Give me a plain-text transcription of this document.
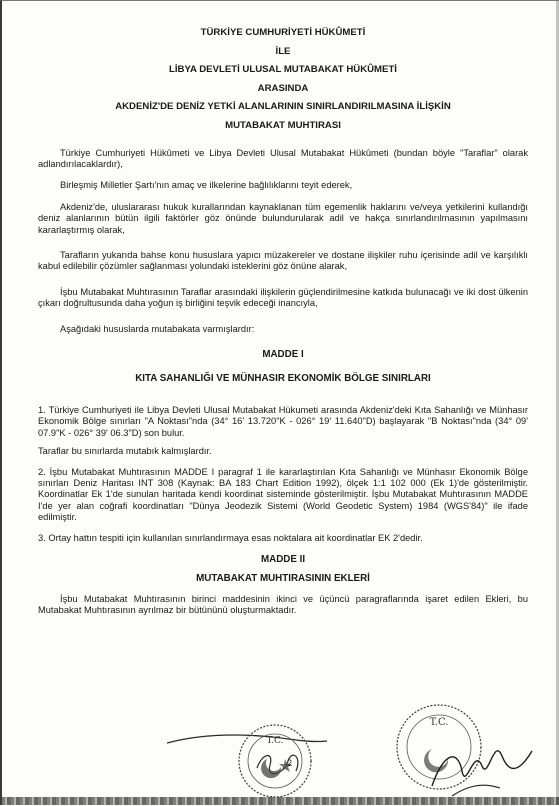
TÜRKİYE CUMHURİYETİ HÜKÛMETİ
İLE
LİBYA DEVLETİ ULUSAL MUTABAKAT HÜKÛMETİ
ARASINDA
AKDENİZ'DE DENİZ YETKİ ALANLARININ SINIRLANDIRILMASINA İLİŞKİN
MUTABAKAT MUHTIRASI

Türkiye Cumhuriyeti Hükûmeti ve Libya Devleti Ulusal Mutabakat Hükûmeti (bundan böyle "Taraflar" olarak adlandırılacaklardır),

Birleşmiş Milletler Şartı'nın amaç ve ilkelerine bağlılıklarını teyit ederek,

Akdeniz'de, uluslararası hukuk kurallarından kaynaklanan tüm egemenlik haklarını ve/veya yetkilerini kullandığı deniz alanlarının bütün ilgili faktörler göz önünde bulundurularak adil ve hakça sınırlandırılmasının yapılmasını kararlaştırmış olarak,

Tarafların yukarıda bahse konu hususlara yapıcı müzakereler ve dostane ilişkiler ruhu içerisinde adil ve karşılıklı kabul edilebilir çözümler sağlanması yolundaki isteklerini göz önüne alarak,

İşbu Mutabakat Muhtırasının Taraflar arasındaki ilişkilerin güçlendirilmesine katkıda bulunacağı ve iki dost ülkenin çıkarı doğrultusunda daha yoğun iş birliğini teşvik edeceği inancıyla,

Aşağıdaki hususlarda mutabakata varmışlardır:

MADDE I
KITA SAHANLIĞI VE MÜNHASIR EKONOMİK BÖLGE SINIRLARI

1. Türkiye Cumhuriyeti ile Libya Devleti Ulusal Mutabakat Hükumeti arasında Akdeniz'deki Kıta Sahanlığı ve Münhasır Ekonomik Bölge sınırları "A Noktası"nda (34° 16' 13.720"K - 026° 19' 11.640"D) başlayarak "B Noktası"nda (34° 09' 07.9"K - 026° 39' 06.3"D) son bulur.

Taraflar bu sınırlarda mutabık kalmışlardır.

2. İşbu Mutabakat Muhtırasının MADDE I paragraf 1 ile kararlaştırılan Kıta Sahanlığı ve Münhasır Ekonomik Bölge sınırları Deniz Haritası INT 308 (Kaynak: BA 183 Chart Edition 1992), ölçek 1:1 102 000 (Ek 1)'de gösterilmiştir. Koordinatlar Ek 1'de sunulan haritada kendi koordinat sisteminde gösterilmiştir. İşbu Mutabakat Muhtırasının MADDE I'de yer alan coğrafi koordinatları "Dünya Jeodezik Sistemi (World Geodetic System) 1984 (WGS'84)" ile ifade edilmiştir.

3. Ortay hattın tespiti için kullanılan sınırlandırmaya esas noktalara ait koordinatlar EK 2'dedir.

MADDE II
MUTABAKAT MUHTIRASININ EKLERİ

İşbu Mutabakat Muhtırasının birinci maddesinin ikinci ve üçüncü paragraflarında işaret edilen Ekleri, bu Mutabakat Muhtırasının ayrılmaz bir bütününü oluşturmaktadır.

T.C.
T.C.
2
